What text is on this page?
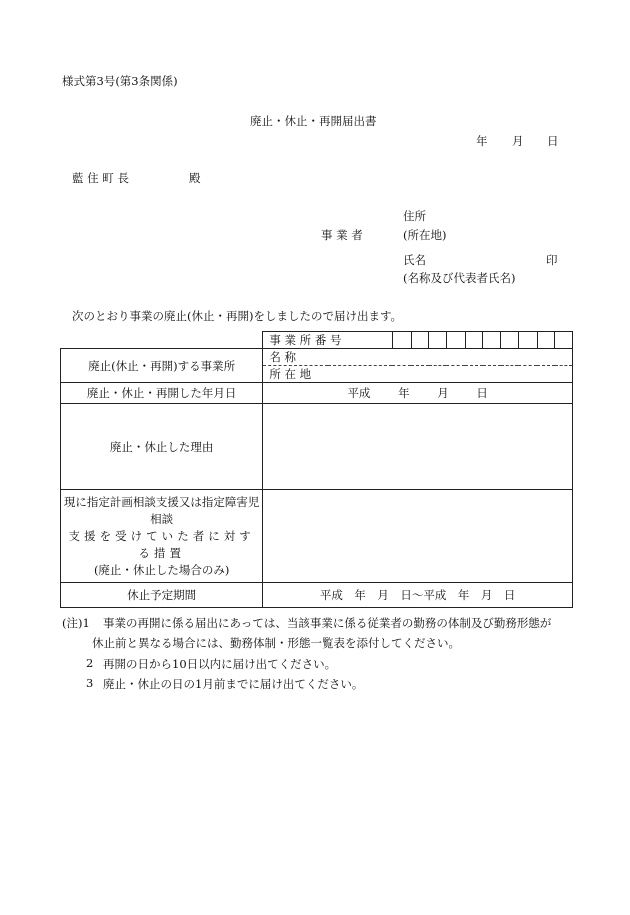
様式第3号(第3条関係)
廃止・休止・再開届出書
年 月 日
藍 住 町 長	殿
住所
事 業 者	(所在地)
氏名	印
(名称及び代表者氏名)
次のとおり事業の廃止(休止・再開)をしましたので届け出ます。
	事 業 所 番 号										
廃止(休止・再開)する事業所	名 称										
	所 在 地										
廃止・休止・再開した年月日	平成 年 月 日										
廃止・休止した理由											

現に指定計画相談支援又は指定障害児相談
支援を受けていた者に対する措置
(廃止・休止した場合のみ)											

休止予定期間	平成　年　月　日～平成　年　月　日										
(注)1 事業の再開に係る届出にあっては、当該事業に係る従業者の勤務の体制及び勤務形態が
休止前と異なる場合には、勤務体制・形態一覧表を添付してください。
2 再開の日から10日以内に届け出てください。
3 廃止・休止の日の1月前までに届け出てください。
